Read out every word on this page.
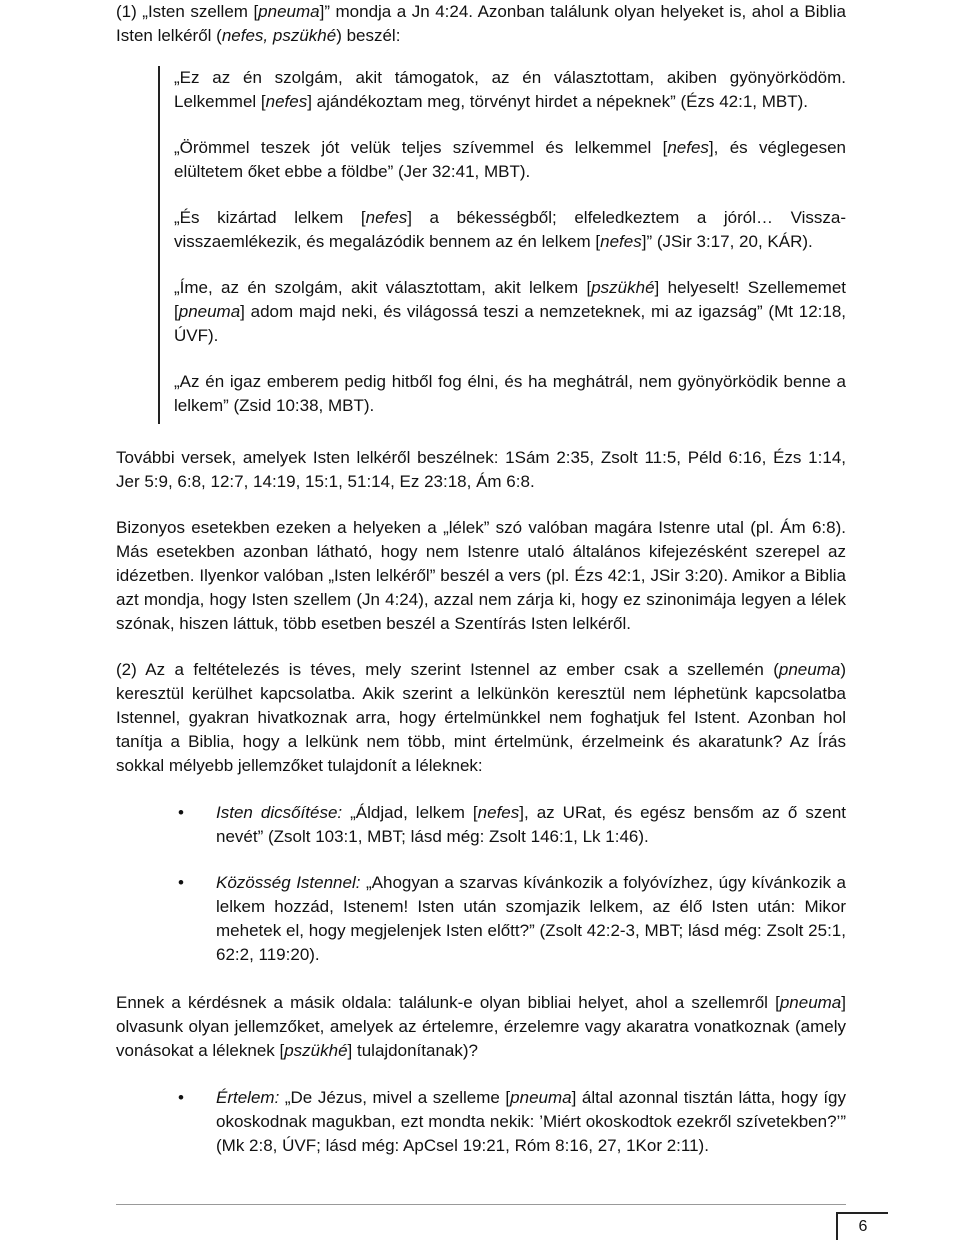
(1) „Isten szellem [pneuma]” mondja a Jn 4:24. Azonban találunk olyan helyeket is, ahol a Biblia Isten lelkéről (nefes, pszükhé) beszél:

„Ez az én szolgám, akit támogatok, az én választottam, akiben gyönyörködöm. Lelkemmel [nefes] ajándékoztam meg, törvényt hirdet a népeknek” (Ézs 42:1, MBT).

„Örömmel teszek jót velük teljes szívemmel és lelkemmel [nefes], és véglegesen elültetem őket ebbe a földbe” (Jer 32:41, MBT).

„És kizártad lelkem [nefes] a békességből; elfeledkeztem a jóról… Vissza-visszaemlékezik, és megalázódik bennem az én lelkem [nefes]” (JSir 3:17, 20, KÁR).

„Íme, az én szolgám, akit választottam, akit lelkem [pszükhé] helyeselt! Szellememet [pneuma] adom majd neki, és világossá teszi a nemzeteknek, mi az igazság” (Mt 12:18, ÚVF).

„Az én igaz emberem pedig hitből fog élni, és ha meghátrál, nem gyönyörködik benne a lelkem” (Zsid 10:38, MBT).

További versek, amelyek Isten lelkéről beszélnek: 1Sám 2:35, Zsolt 11:5, Péld 6:16, Ézs 1:14, Jer 5:9, 6:8, 12:7, 14:19, 15:1, 51:14, Ez 23:18, Ám 6:8.

Bizonyos esetekben ezeken a helyeken a „lélek” szó valóban magára Istenre utal (pl. Ám 6:8). Más esetekben azonban látható, hogy nem Istenre utaló általános kifejezésként szerepel az idézetben. Ilyenkor valóban „Isten lelkéről” beszél a vers (pl. Ézs 42:1, JSir 3:20). Amikor a Biblia azt mondja, hogy Isten szellem (Jn 4:24), azzal nem zárja ki, hogy ez szinonimája legyen a lélek szónak, hiszen láttuk, több esetben beszél a Szentírás Isten lelkéről.

(2) Az a feltételezés is téves, mely szerint Istennel az ember csak a szellemén (pneuma) keresztül kerülhet kapcsolatba. Akik szerint a lelkünkön keresztül nem léphetünk kapcsolatba Istennel, gyakran hivatkoznak arra, hogy értelmünkkel nem foghatjuk fel Istent. Azonban hol tanítja a Biblia, hogy a lelkünk nem több, mint értelmünk, érzelmeink és akaratunk? Az Írás sokkal mélyebb jellemzőket tulajdonít a léleknek:

• Isten dicsőítése: „Áldjad, lelkem [nefes], az URat, és egész bensőm az ő szent nevét” (Zsolt 103:1, MBT; lásd még: Zsolt 146:1, Lk 1:46).
• Közösség Istennel: „Ahogyan a szarvas kívánkozik a folyóvízhez, úgy kívánkozik a lelkem hozzád, Istenem! Isten után szomjazik lelkem, az élő Isten után: Mikor mehetek el, hogy megjelenjek Isten előtt?” (Zsolt 42:2-3, MBT; lásd még: Zsolt 25:1, 62:2, 119:20).

Ennek a kérdésnek a másik oldala: találunk-e olyan bibliai helyet, ahol a szellemről [pneuma] olvasunk olyan jellemzőket, amelyek az értelemre, érzelemre vagy akaratra vonatkoznak (amely vonásokat a léleknek [pszükhé] tulajdonítanak)?

• Értelem: „De Jézus, mivel a szelleme [pneuma] által azonnal tisztán látta, hogy így okoskodnak magukban, ezt mondta nekik: ’Miért okoskodtok ezekről szívetekben?’” (Mk 2:8, ÚVF; lásd még: ApCsel 19:21, Róm 8:16, 27, 1Kor 2:11).
6
